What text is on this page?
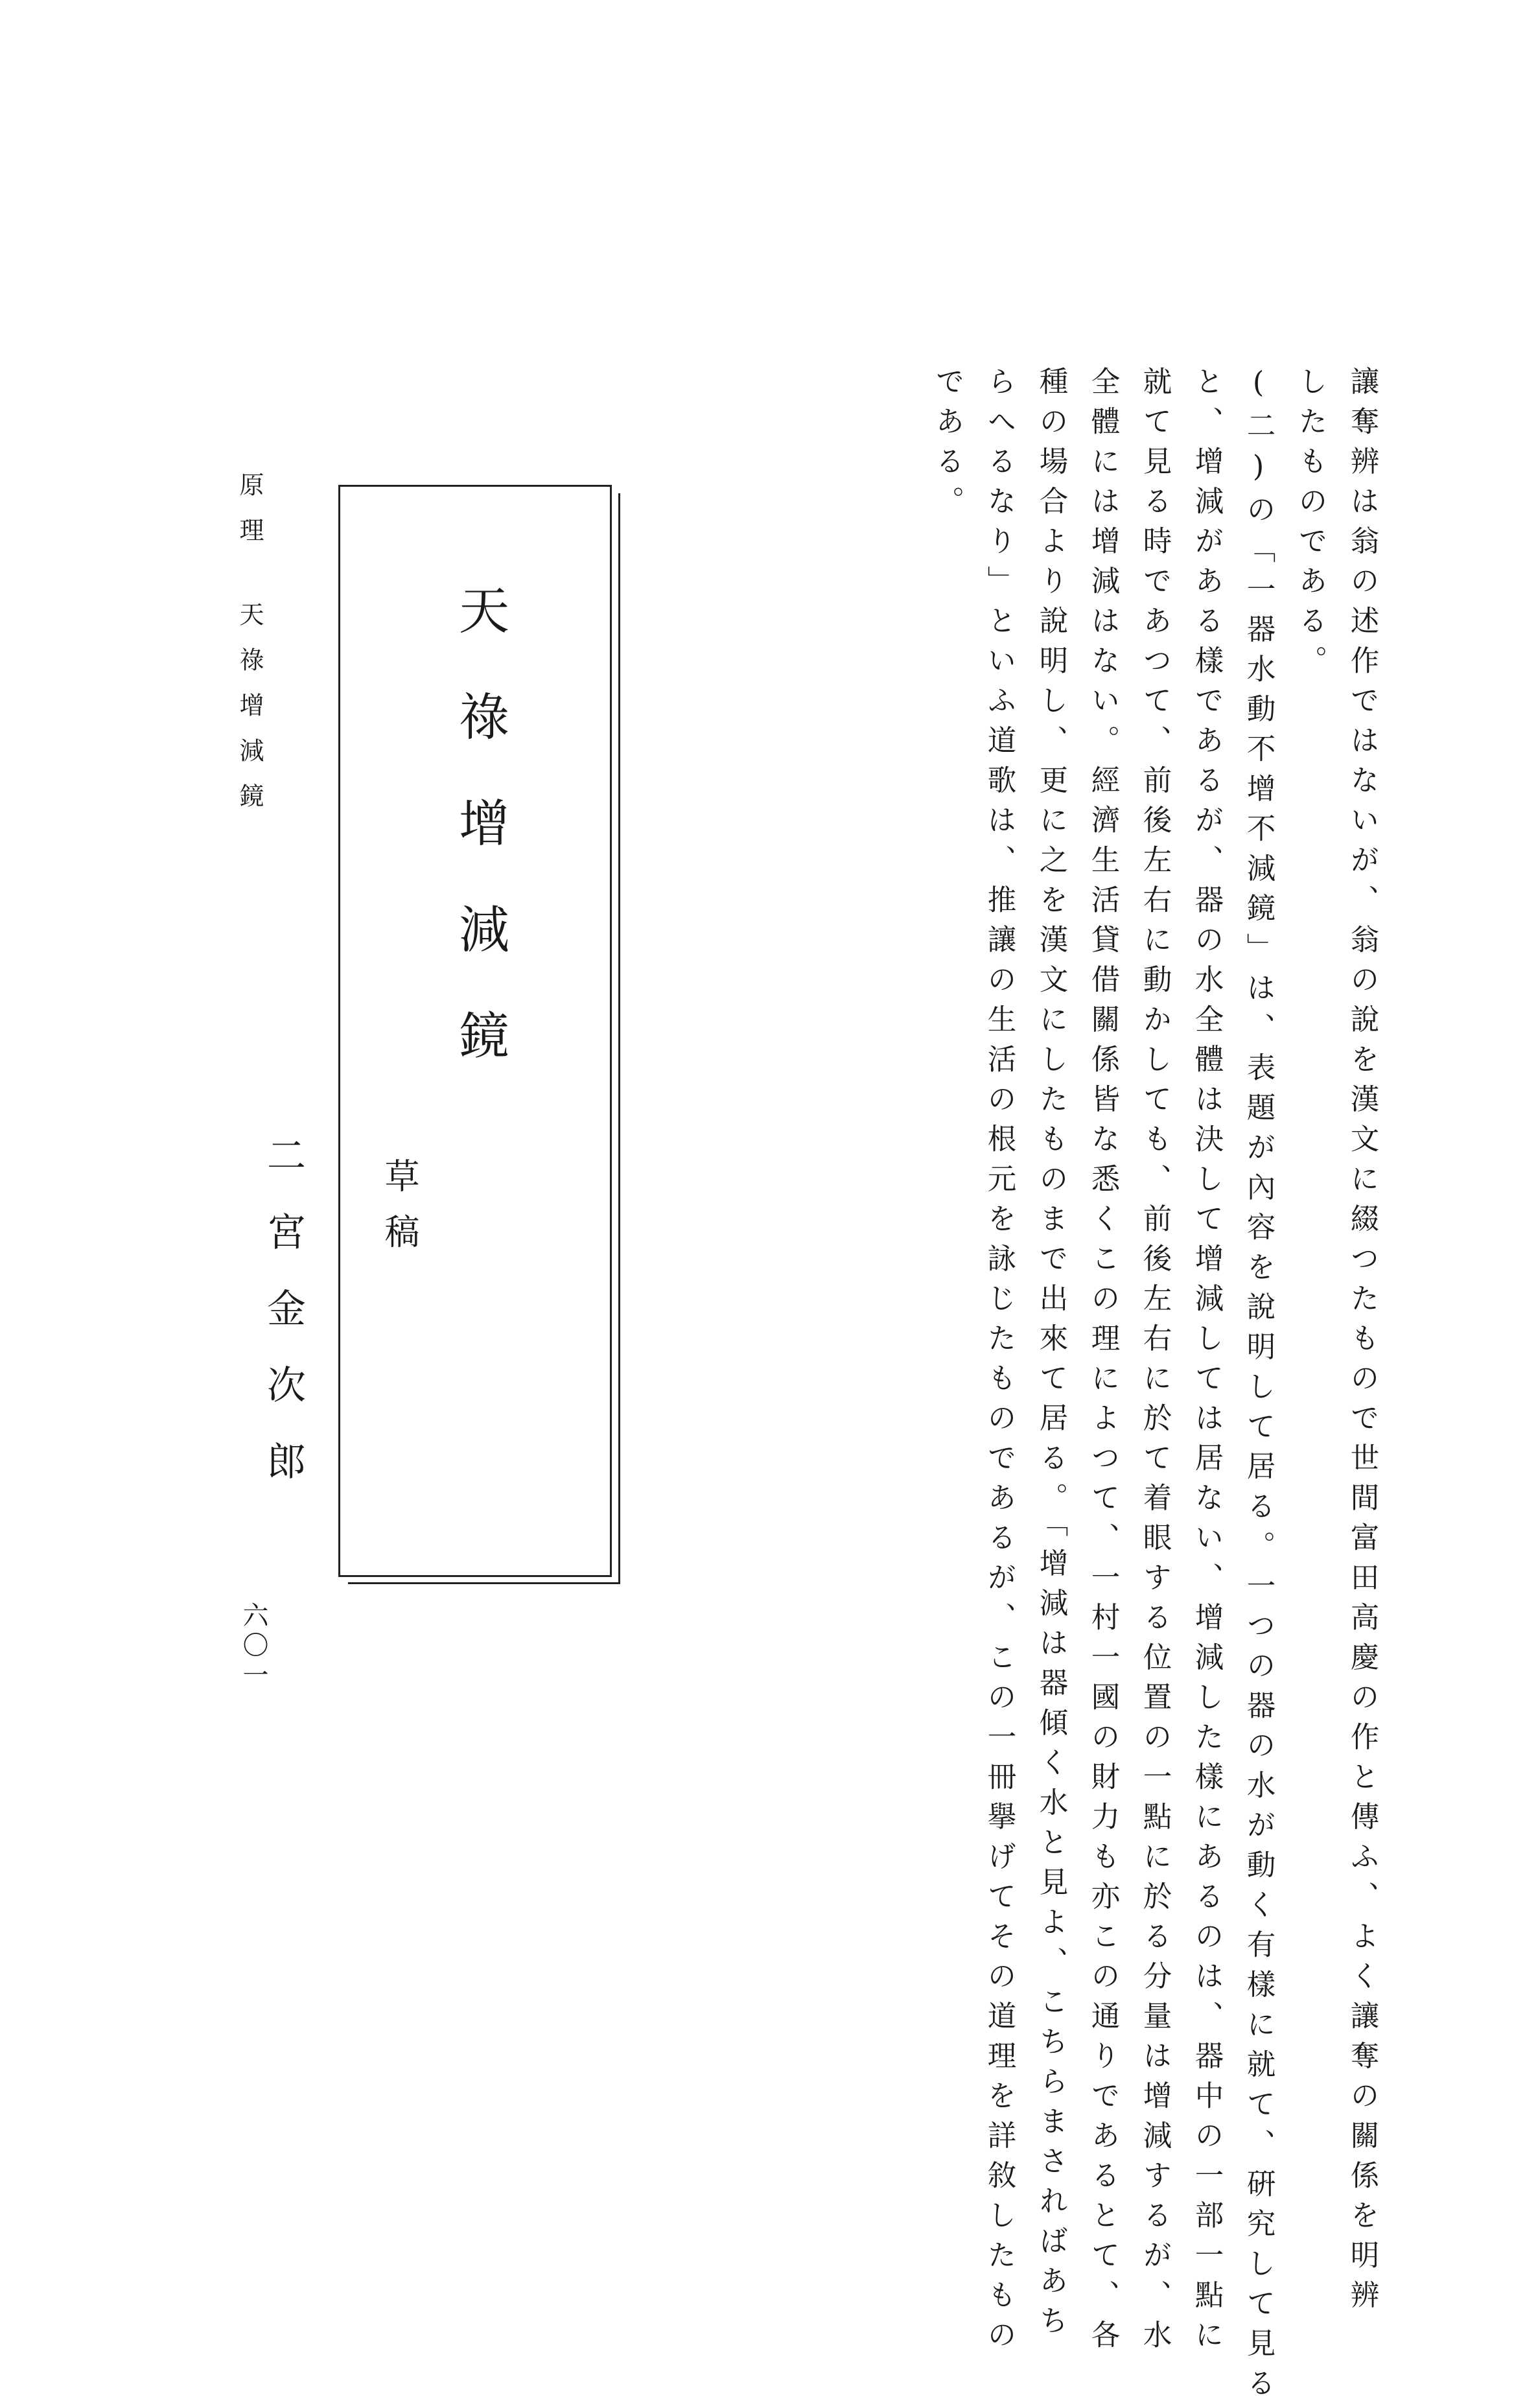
讓奪辨は翁の述作ではないが、翁の說を漢文に綴つたもので世間富田高慶の作と傳ふ、よく讓奪の關係を明辨
したものである。
(二)の「一器水動不增不減鏡」は、表題が內容を說明して居る。一つの器の水が動く有樣に就て、硏究して見る
と、增減がある樣であるが、器の水全體は決して增減しては居ない、增減した樣にあるのは、器中の一部一點に
就て見る時であつて、前後左右に動かしても、前後左右に於て着眼する位置の一點に於る分量は增減するが、水
全體には增減はない。經濟生活貸借關係皆な悉くこの理によつて、一村一國の財力も亦この通りであるとて、各
種の場合より說明し、更に之を漢文にしたものまで出來て居る。「增減は器傾く水と見よ、こちらまさればあち
らへるなり」といふ道歌は、推讓の生活の根元を詠じたものであるが、この一冊擧げてその道理を詳敘したもの
である。
天祿增減鏡
草稿
二宮金次郎
原理天祿增減鏡
六〇一
